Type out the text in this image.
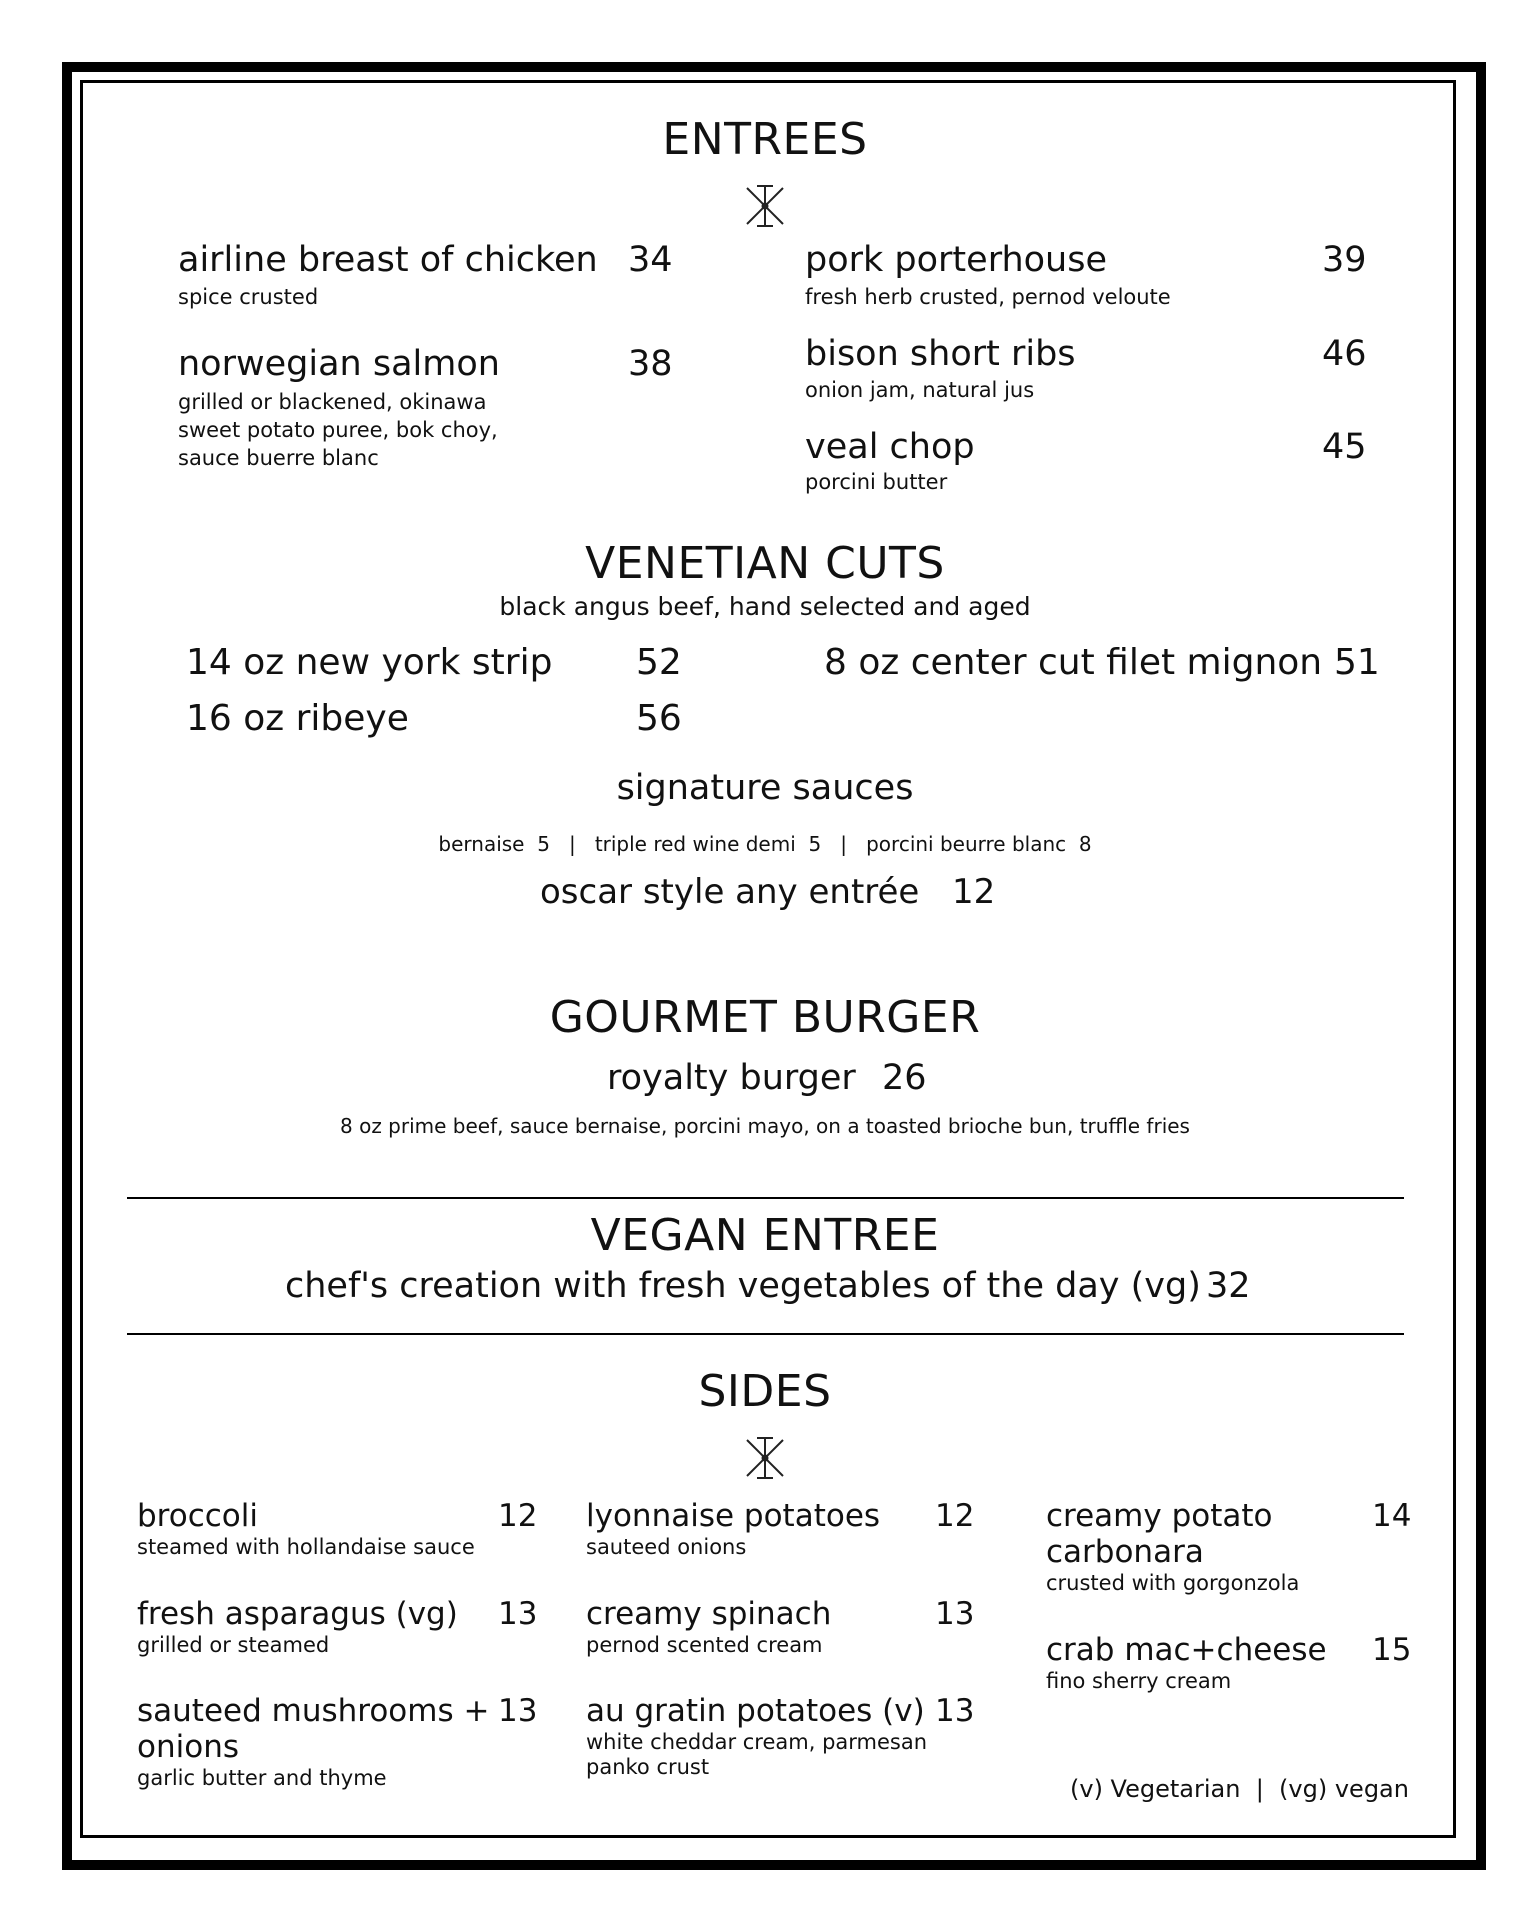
ENTREES
airline breast of chicken 34
spice crusted
norwegian salmon	38
grilled or blackened, okinawa
sweet potato puree, bok choy,
sauce buerre blanc
pork porterhouse	39
fresh herb crusted, pernod veloute
bison short ribs	46
onion jam, natural jus
veal chop	45
porcini butter
VENETIAN CUTS
black angus beef, hand selected and aged
14 oz new york strip 52
16 oz ribeye	56
8 oz center cut filet mignon 51
signature sauces
bernaise  5   |   triple red wine demi  5   |   porcini beurre blanc  8
oscar style any entrée 12
GOURMET BURGER
royalty burger 26
8 oz prime beef, sauce bernaise, porcini mayo, on a toasted brioche bun, truffle fries
VEGAN ENTREE
chef's creation with fresh vegetables of the day (vg) 32
SIDES
broccoli	12
steamed with hollandaise sauce
fresh asparagus (vg) 13
grilled or steamed
sauteed mushrooms +
onions
13
garlic butter and thyme
lyonnaise potatoes 12
sauteed onions
creamy spinach	13
pernod scented cream
au gratin potatoes (v) 13
white cheddar cream, parmesan
panko crust
creamy potato
carbonara
14
crusted with gorgonzola
crab mac+cheese 15
fino sherry cream
(v) Vegetarian  |  (vg) vegan
